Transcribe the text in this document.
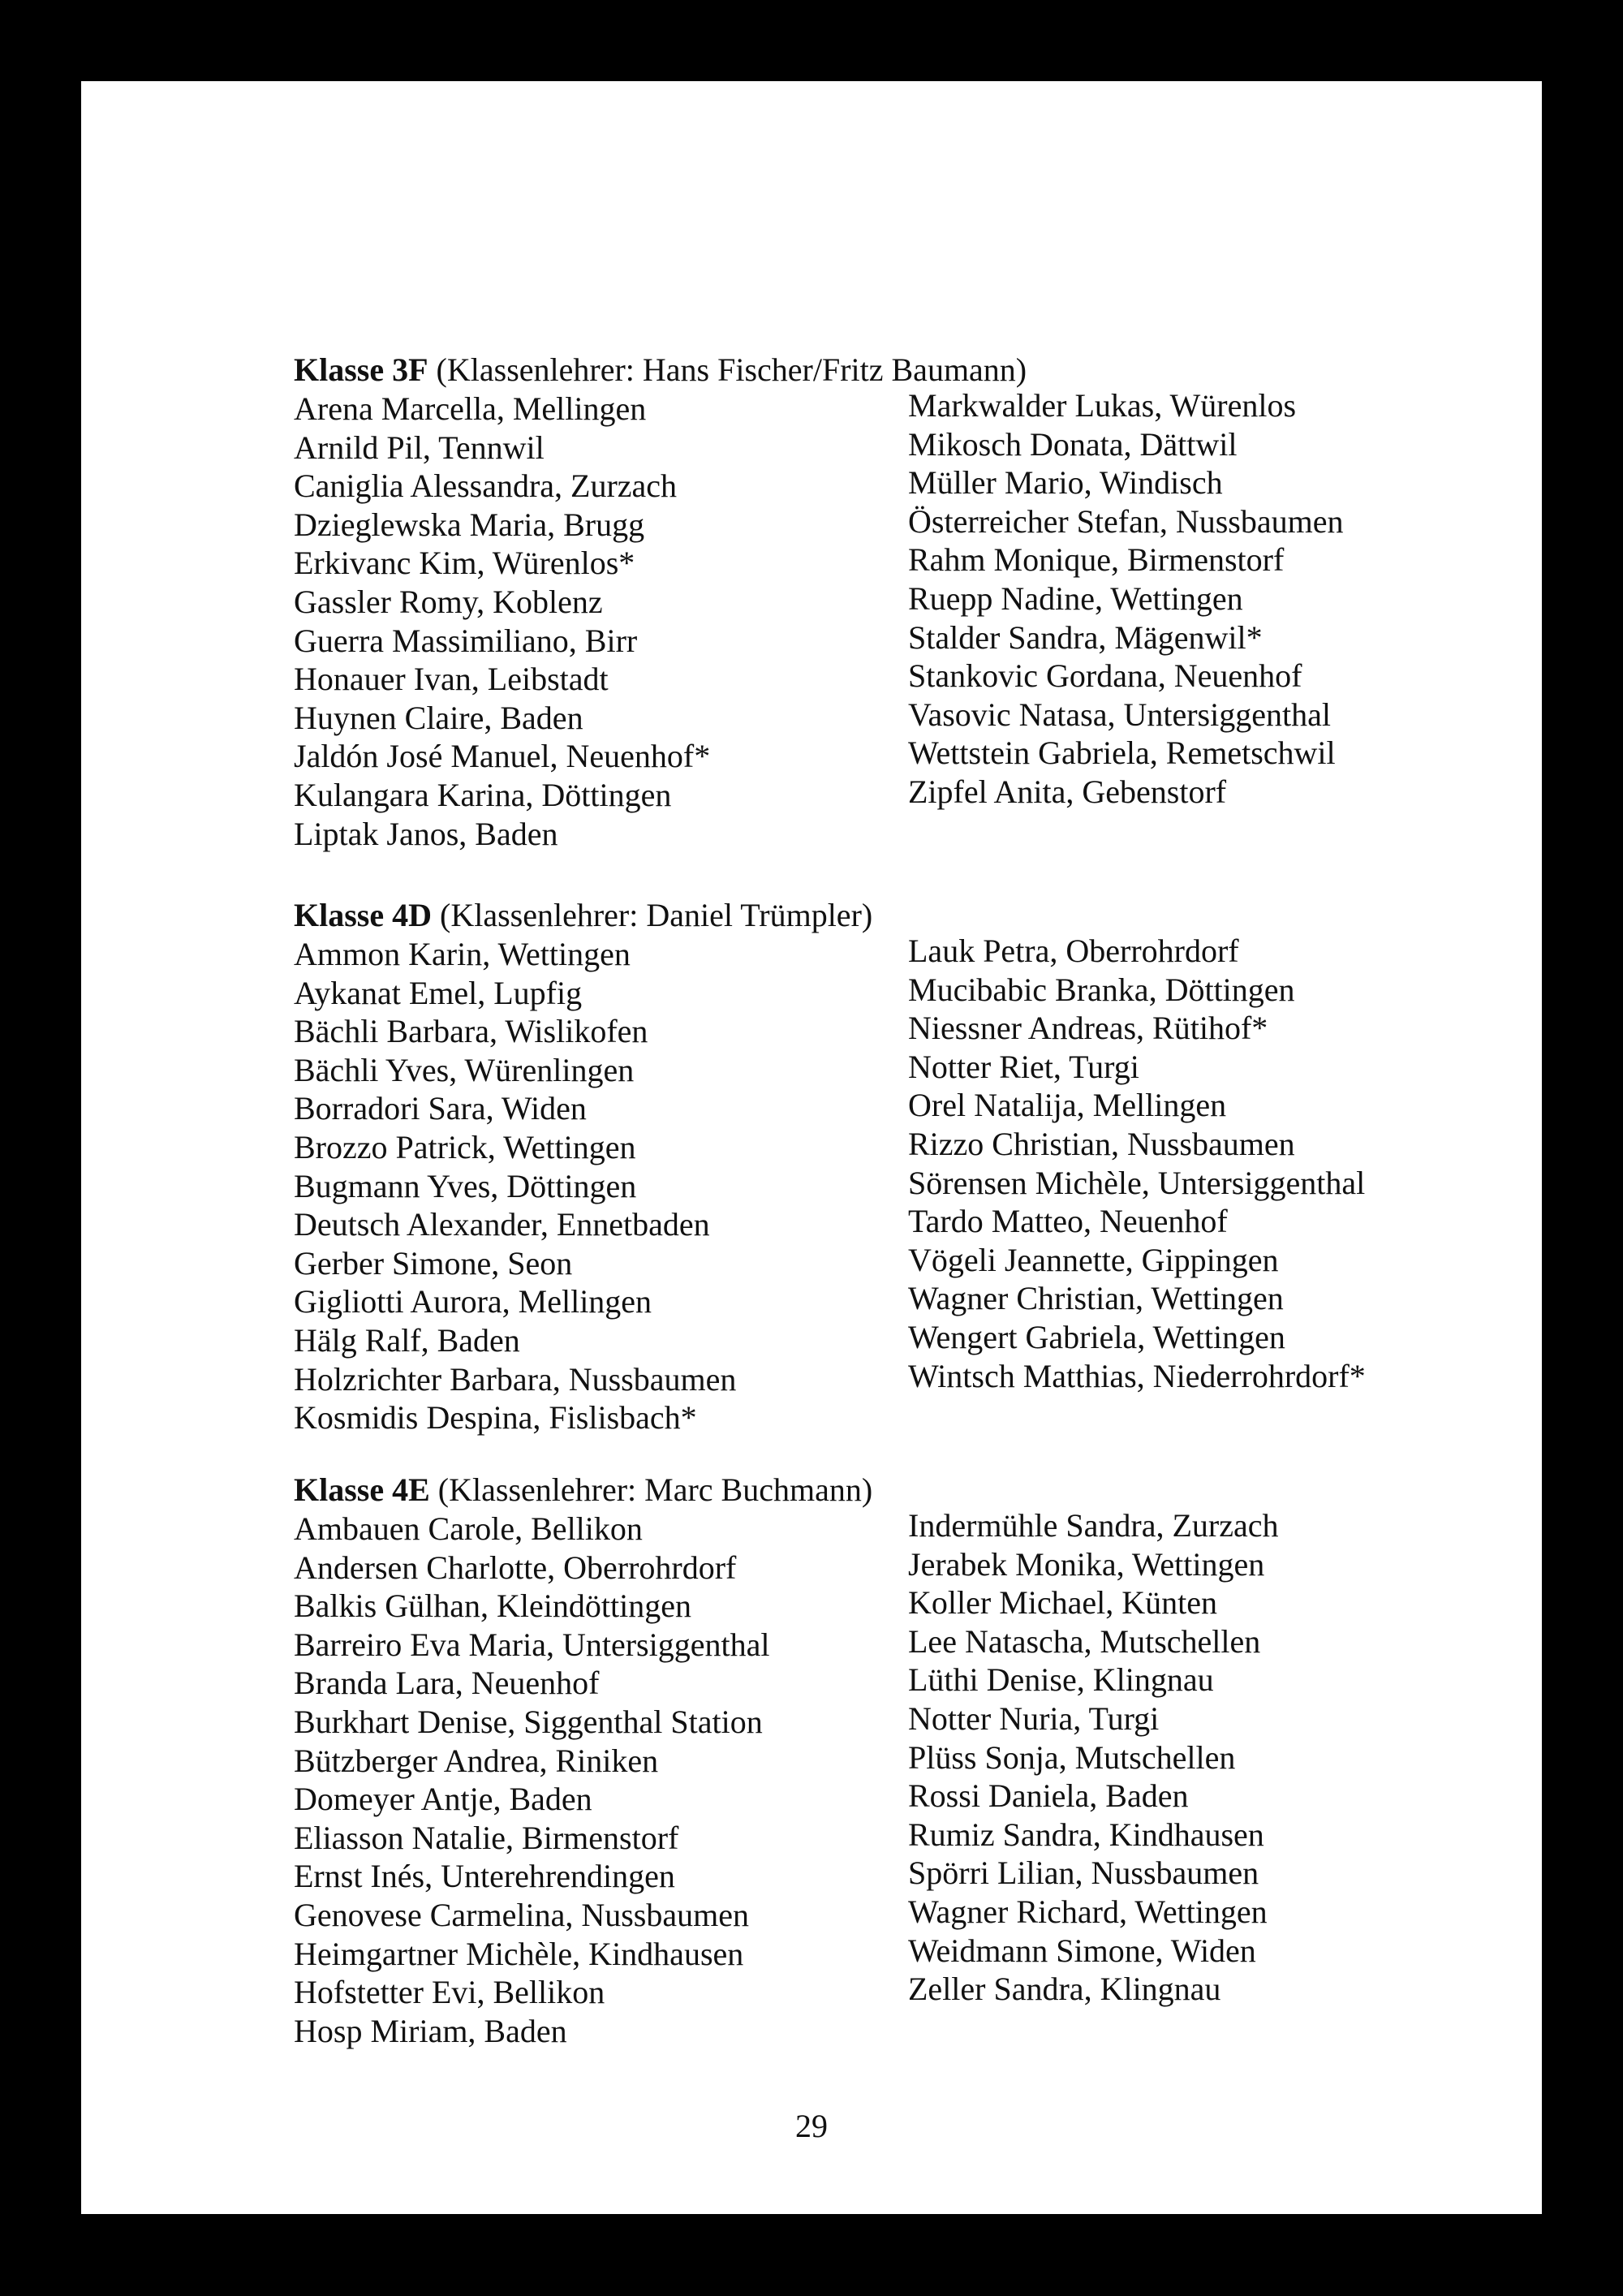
Klasse 3F (Klassenlehrer: Hans Fischer/Fritz Baumann)
Arena Marcella, Mellingen
Arnild Pil, Tennwil
Caniglia Alessandra, Zurzach
Dzieglewska Maria, Brugg
Erkivanc Kim, Würenlos*
Gassler Romy, Koblenz
Guerra Massimiliano, Birr
Honauer Ivan, Leibstadt
Huynen Claire, Baden
Jaldón José Manuel, Neuenhof*
Kulangara Karina, Döttingen
Liptak Janos, Baden
Markwalder Lukas, Würenlos
Mikosch Donata, Dättwil
Müller Mario, Windisch
Österreicher Stefan, Nussbaumen
Rahm Monique, Birmenstorf
Ruepp Nadine, Wettingen
Stalder Sandra, Mägenwil*
Stankovic Gordana, Neuenhof
Vasovic Natasa, Untersiggenthal
Wettstein Gabriela, Remetschwil
Zipfel Anita, Gebenstorf
Klasse 4D (Klassenlehrer: Daniel Trümpler)
Ammon Karin, Wettingen
Aykanat Emel, Lupfig
Bächli Barbara, Wislikofen
Bächli Yves, Würenlingen
Borradori Sara, Widen
Brozzo Patrick, Wettingen
Bugmann Yves, Döttingen
Deutsch Alexander, Ennetbaden
Gerber Simone, Seon
Gigliotti Aurora, Mellingen
Hälg Ralf, Baden
Holzrichter Barbara, Nussbaumen
Kosmidis Despina, Fislisbach*
Lauk Petra, Oberrohrdorf
Mucibabic Branka, Döttingen
Niessner Andreas, Rütihof*
Notter Riet, Turgi
Orel Natalija, Mellingen
Rizzo Christian, Nussbaumen
Sörensen Michèle, Untersiggenthal
Tardo Matteo, Neuenhof
Vögeli Jeannette, Gippingen
Wagner Christian, Wettingen
Wengert Gabriela, Wettingen
Wintsch Matthias, Niederrohrdorf*
Klasse 4E (Klassenlehrer: Marc Buchmann)
Ambauen Carole, Bellikon
Andersen Charlotte, Oberrohrdorf
Balkis Gülhan, Kleindöttingen
Barreiro Eva Maria, Untersiggenthal
Branda Lara, Neuenhof
Burkhart Denise, Siggenthal Station
Bützberger Andrea, Riniken
Domeyer Antje, Baden
Eliasson Natalie, Birmenstorf
Ernst Inés, Unterehrendingen
Genovese Carmelina, Nussbaumen
Heimgartner Michèle, Kindhausen
Hofstetter Evi, Bellikon
Hosp Miriam, Baden
Indermühle Sandra, Zurzach
Jerabek Monika, Wettingen
Koller Michael, Künten
Lee Natascha, Mutschellen
Lüthi Denise, Klingnau
Notter Nuria, Turgi
Plüss Sonja, Mutschellen
Rossi Daniela, Baden
Rumiz Sandra, Kindhausen
Spörri Lilian, Nussbaumen
Wagner Richard, Wettingen
Weidmann Simone, Widen
Zeller Sandra, Klingnau
29
